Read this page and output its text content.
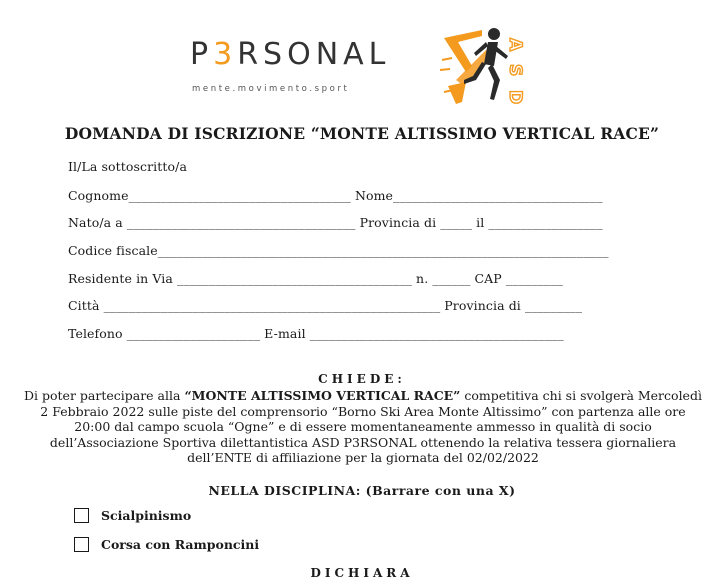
P3RSONAL
mente.movimento.sport
A
S
D
DOMANDA DI ISCRIZIONE “MONTE ALTISSIMO VERTICAL RACE”
Il/La sottoscritto/a
Cognome___________________________________ Nome_________________________________
Nato/a a ____________________________________ Provincia di _____ il __________________
Codice fiscale_______________________________________________________________________
Residente in Via _____________________________________ n. ______ CAP _________
Città _____________________________________________________ Provincia di _________
Telefono _____________________ E-mail ________________________________________
CHIEDE:
Di poter partecipare alla “MONTE ALTISSIMO VERTICAL RACE” competitiva chi si svolgerà Mercoledì
2 Febbraio 2022 sulle piste del comprensorio “Borno Ski Area Monte Altissimo” con partenza alle ore
20:00 dal campo scuola “Ogne” e di essere momentaneamente ammesso in qualità di socio
dell’Associazione Sportiva dilettantistica ASD P3RSONAL ottenendo la relativa tessera giornaliera
dell’ENTE di affiliazione per la giornata del 02/02/2022
NELLA DISCIPLINA: (Barrare con una X)
Scialpinismo
Corsa con Ramponcini
DICHIARA
